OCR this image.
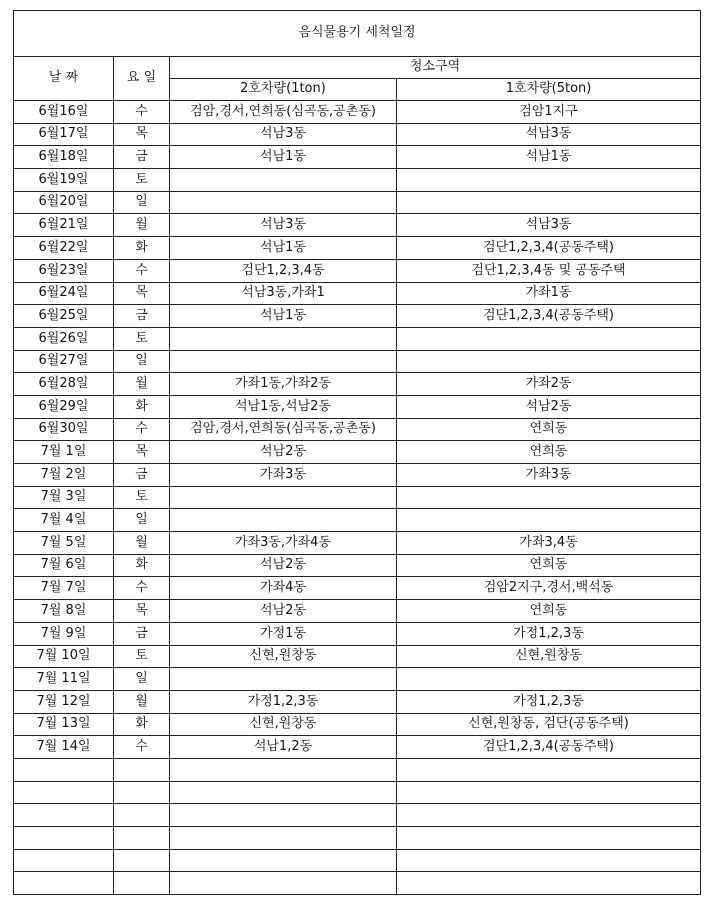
음식물용기 세척일정			
날 짜	요 일	청소구역	
		2호차량(1ton)	1호차량(5ton)
6월16일	수	검암,경서,연희동(심곡동,공촌동)	검암1지구
6월17일	목	석남3동	석남3동
6월18일	금	석남1동	석남1동
6월19일	토		
6월20일	일		
6월21일	월	석남3동	석남3동
6월22일	화	석남1동	검단1,2,3,4(공동주택)
6월23일	수	검단1,2,3,4동	검단1,2,3,4동 및 공동주택
6월24일	목	석남3동,가좌1	가좌1동
6월25일	금	석남1동	검단1,2,3,4(공동주택)
6월26일	토		
6월27일	일		
6월28일	월	가좌1동,가좌2동	가좌2동
6월29일	화	석남1동,석남2동	석남2동
6월30일	수	검암,경서,연희동(심곡동,공촌동)	연희동
7월 1일	목	석남2동	연희동
7월 2일	금	가좌3동	가좌3동
7월 3일	토		
7월 4일	일		
7월 5일	월	가좌3동,가좌4동	가좌3,4동
7월 6일	화	석남2동	연희동
7월 7일	수	가좌4동	검암2지구,경서,백석동
7월 8일	목	석남2동	연희동
7월 9일	금	가정1동	가정1,2,3동
7월 10일	토	신현,원창동	신현,원창동
7월 11일	일		
7월 12일	월	가정1,2,3동	가정1,2,3동
7월 13일	화	신현,원창동	신현,원창동, 검단(공동주택)
7월 14일	수	석남1,2동	검단1,2,3,4(공동주택)
